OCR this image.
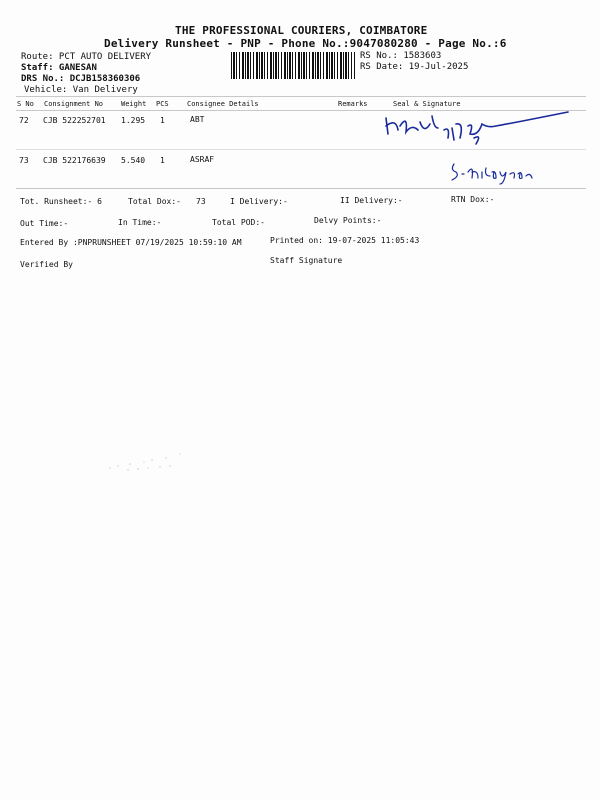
THE PROFESSIONAL COURIERS, COIMBATORE
Delivery Runsheet - PNP - Phone No.:9047080280 - Page No.:6
Route: PCT AUTO DELIVERY
Staff: GANESAN
DRS No.: DCJB158360306
Vehicle: Van Delivery
RS No.: 1583603
RS Date: 19-Jul-2025
S No Consignment No	Weight PCS	Consignee Details	Remarks	Seal & Signature
72 CJB 522252701 1.295 1	ABT
73 CJB 522176639 5.540 1	ASRAF
Tot. Runsheet:- 6	Total Dox:- 73	I Delivery:-	II Delivery:-	RTN Dox:-
Out Time:-	In Time:-	Total POD:-	Delvy Points:-
Entered By :PNPRUNSHEET 07/19/2025 10:59:10 AM	Printed on: 19-07-2025 11:05:43
Verified By	Staff Signature
